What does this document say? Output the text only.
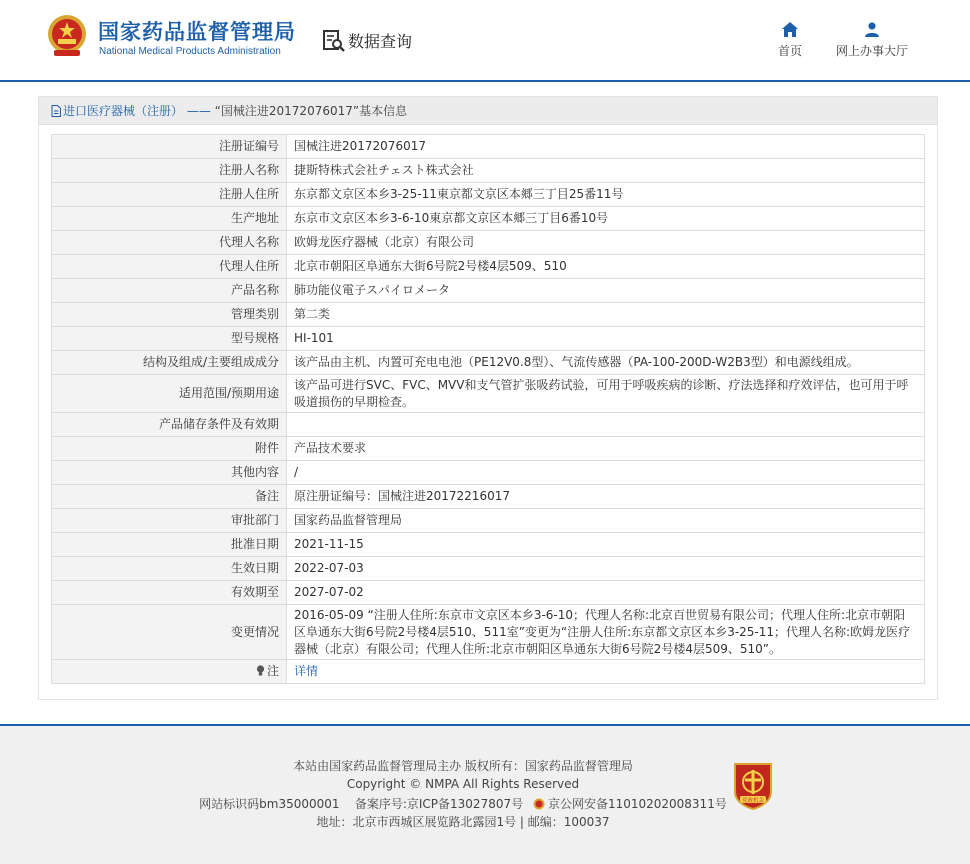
国家药品监督管理局
National Medical Products Administration
数据查询	首页	网上办事大厅
进口医疗器械（注册） —— “国械注进20172076017”基本信息
注册证编号	国械注进20172076017
注册人名称	捷斯特株式会社チェスト株式会社
注册人住所	东京都文京区本乡3-25-11東京都文京区本郷三丁目25番11号
生产地址	东京市文京区本乡3-6-10東京都文京区本郷三丁目6番10号
代理人名称	欧姆龙医疗器械（北京）有限公司
代理人住所	北京市朝阳区阜通东大街6号院2号楼4层509、510
产品名称	肺功能仪電子スパイロメータ
管理类别	第二类
型号规格	HI-101
结构及组成/主要组成成分	该产品由主机、内置可充电电池（PE12V0.8型）、气流传感器（PA-100-200D-W2B3型）和电源线组成。
适用范围/预期用途	该产品可进行SVC、FVC、MVV和支气管扩张吸药试验，可用于呼吸疾病的诊断、疗法选择和疗效评估，也可用于呼吸道损伤的早期检查。
产品储存条件及有效期	
附件	产品技术要求
其他内容	/
备注	原注册证编号：国械注进20172216017
审批部门	国家药品监督管理局
批准日期	2021-11-15
生效日期	2022-07-03
有效期至	2027-07-02
变更情况	2016-05-09 “注册人住所:东京市文京区本乡3-6-10；代理人名称:北京百世贸易有限公司；代理人住所:北京市朝阳区阜通东大街6号院2号楼4层510、511室”变更为“注册人住所:东京都文京区本乡3-25-11；代理人名称:欧姆龙医疗器械（北京）有限公司；代理人住所:北京市朝阳区阜通东大街6号院2号楼4层509、510”。
注	详情
本站由国家药品监督管理局主办 版权所有：国家药品监督管理局
Copyright © NMPA All Rights Reserved
网站标识码bm35000001 备案序号:京ICP备13027807号 京公网安备11010202008311号
地址：北京市西城区展览路北露园1号 | 邮编：100037
党政机关
